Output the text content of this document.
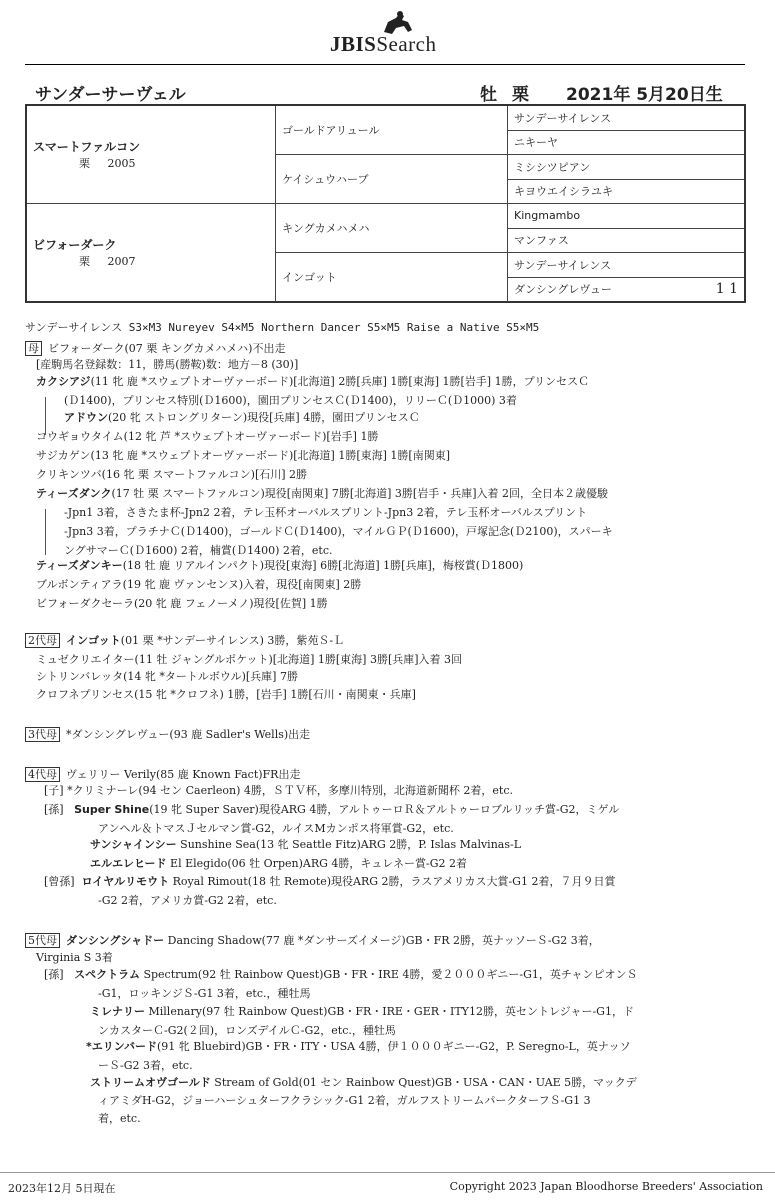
JBISSearch
サンダーサーヴェル	牡 栗 2021年 5月20日生
スマートファルコン
栗 2005	ゴールドアリュール	サンデーサイレンス
		ニキーヤ
	ケイシュウハーブ	ミシシツピアン
		キヨウエイシラユキ

ビフォーダーク
栗 2007	キングカメハメハ	Kingmambo
		マンファス
	インゴット	サンデーサイレンス
		ダンシングレヴュー 1 1
サンデーサイレンス S3×M3 Nureyev S4×M5 Northern Dancer S5×M5 Raise a Native S5×M5
母 ビフォーダーク(07 栗 キングカメハメハ)不出走
[産駒馬名登録数：11，勝馬(勝鞍)数：地方－8 (30)]
カクシアジ(11 牝 鹿 *スウェプトオーヴァーボード)[北海道] 2勝[兵庫] 1勝[東海] 1勝[岩手] 1勝，プリンセスＣ
(Ｄ1400)，プリンセス特別(Ｄ1600)，園田プリンセスＣ(Ｄ1400)，リリーＣ(Ｄ1000) 3着
アドウン(20 牝 ストロングリターン)現役[兵庫] 4勝，園田プリンセスＣ
コウギョウタイム(12 牝 芦 *スウェプトオーヴァーボード)[岩手] 1勝
サジカゲン(13 牝 鹿 *スウェプトオーヴァーボード)[北海道] 1勝[東海] 1勝[南関東]
クリキンツバ(16 牝 栗 スマートファルコン)[石川] 2勝
ティーズダンク(17 牡 栗 スマートファルコン)現役[南関東] 7勝[北海道] 3勝[岩手・兵庫]入着 2回，全日本２歳優駿
-Jpn1 3着，さきたま杯-Jpn2 2着，テレ玉杯オーバルスプリント-Jpn3 2着，テレ玉杯オーバルスプリント
-Jpn3 3着，プラチナＣ(Ｄ1400)，ゴールドＣ(Ｄ1400)，マイルＧＰ(Ｄ1600)，戸塚記念(Ｄ2100)，スパーキ
ングサマーＣ(Ｄ1600) 2着，楠賞(Ｄ1400) 2着，etc.
ティーズダンキー(18 牡 鹿 リアルインパクト)現役[東海] 6勝[北海道] 1勝[兵庫]，梅桜賞(Ｄ1800)
ブルボンティアラ(19 牝 鹿 ヴァンセンヌ)入着，現役[南関東] 2勝
ビフォーダクセーラ(20 牝 鹿 フェノーメノ)現役[佐賀] 1勝
2代母 インゴット(01 栗 *サンデーサイレンス) 3勝，紫苑Ｓ-Ｌ
ミュゼクリエイター(11 牡 ジャングルポケット)[北海道] 1勝[東海] 3勝[兵庫]入着 3回
シトリンバレッタ(14 牝 *タートルボウル)[兵庫] 7勝
クロフネプリンセス(15 牝 *クロフネ) 1勝，[岩手] 1勝[石川・南関東・兵庫]
3代母 *ダンシングレヴュー(93 鹿 Sadler's Wells)出走
4代母 ヴェリリー Verily(85 鹿 Known Fact)FR出走
[子] *クリミナーレ(94 セン Caerleon) 4勝，ＳＴＶ杯，多摩川特別，北海道新聞杯 2着，etc.
[孫]   Super Shine(19 牝 Super Saver)現役ARG 4勝，アルトゥーロＲ＆アルトゥーロブルリッチ賞-G2，ミゲル
アンヘル＆トマスＪセルマン賞-G2，ルイスMカンポス将軍賞-G2，etc.
サンシャインシー Sunshine Sea(13 牝 Seattle Fitz)ARG 2勝，P. Islas Malvinas-L
エルエレヒード El Elegido(06 牡 Orpen)ARG 4勝，キュレネー賞-G2 2着
[曾孫]  ロイヤルリモウト Royal Rimout(18 牡 Remote)現役ARG 2勝，ラスアメリカス大賞-G1 2着，７月９日賞
-G2 2着，アメリカ賞-G2 2着，etc.
5代母 ダンシングシャドー Dancing Shadow(77 鹿 *ダンサーズイメージ)GB・FR 2勝，英ナッソーＳ-G2 3着，
Virginia S 3着
[孫]   スペクトラム Spectrum(92 牡 Rainbow Quest)GB・FR・IRE 4勝，愛２０００ギニー-G1，英チャンピオンＳ
-G1，ロッキンジＳ-G1 3着，etc.，種牡馬
ミレナリー Millenary(97 牡 Rainbow Quest)GB・FR・IRE・GER・ITY12勝，英セントレジャー-G1，ド
ンカスターＣ-G2(２回)，ロンズデイルＣ-G2，etc.，種牡馬
*エリンバード(91 牝 Bluebird)GB・FR・ITY・USA 4勝，伊１０００ギニー-G2，P. Seregno-L，英ナッソ
ーＳ-G2 3着，etc.
ストリームオヴゴールド Stream of Gold(01 セン Rainbow Quest)GB・USA・CAN・UAE 5勝，マックデ
ィアミダH-G2，ジョーハーシュターフクラシック-G1 2着，ガルフストリームパークターフＳ-G1 3
着，etc.
2023年12月 5日現在	Copyright 2023 Japan Bloodhorse Breeders' Association
